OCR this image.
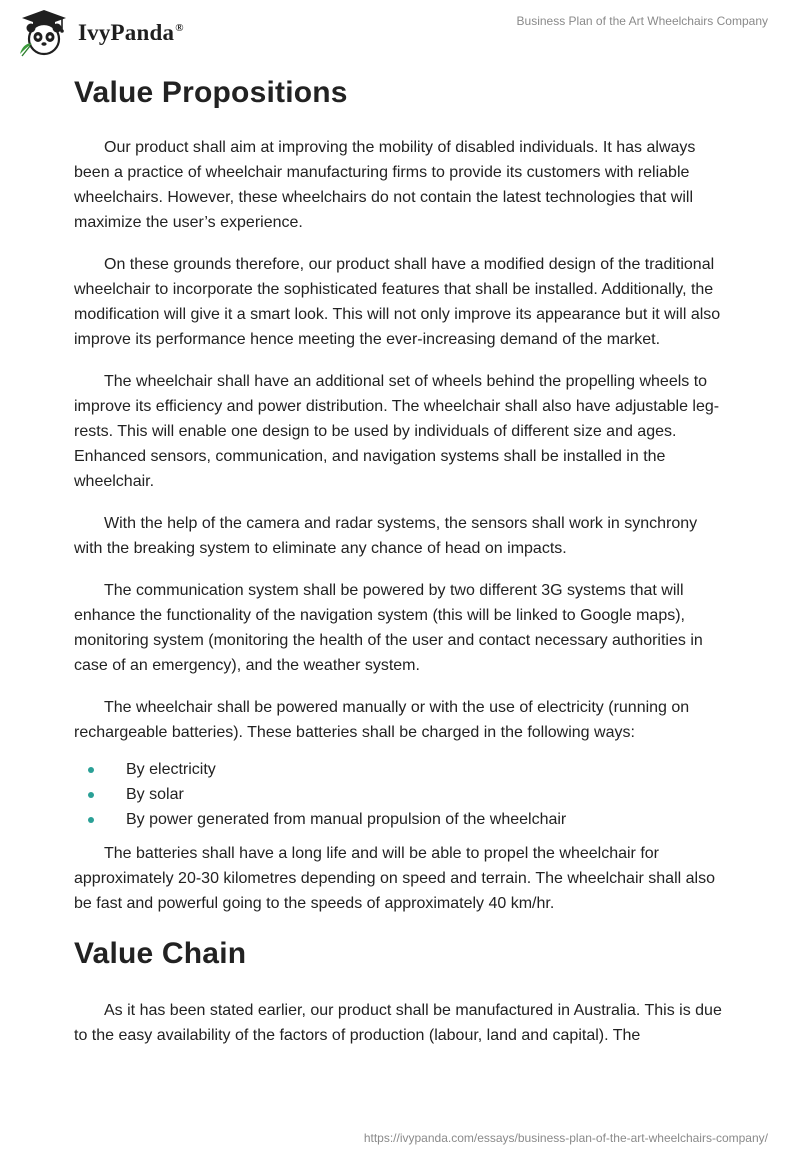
IvyPanda®
Business Plan of the Art Wheelchairs Company
Value Propositions

Our product shall aim at improving the mobility of disabled individuals. It has always been a practice of wheelchair manufacturing firms to provide its customers with reliable wheelchairs. However, these wheelchairs do not contain the latest technologies that will maximize the user’s experience.

On these grounds therefore, our product shall have a modified design of the traditional wheelchair to incorporate the sophisticated features that shall be installed. Additionally, the modification will give it a smart look. This will not only improve its appearance but it will also improve its performance hence meeting the ever-increasing demand of the market.

The wheelchair shall have an additional set of wheels behind the propelling wheels to improve its efficiency and power distribution. The wheelchair shall also have adjustable leg-rests. This will enable one design to be used by individuals of different size and ages. Enhanced sensors, communication, and navigation systems shall be installed in the wheelchair.

With the help of the camera and radar systems, the sensors shall work in synchrony with the breaking system to eliminate any chance of head on impacts.

The communication system shall be powered by two different 3G systems that will enhance the functionality of the navigation system (this will be linked to Google maps), monitoring system (monitoring the health of the user and contact necessary authorities in case of an emergency), and the weather system.

The wheelchair shall be powered manually or with the use of electricity (running on rechargeable batteries). These batteries shall be charged in the following ways:

By electricity
By solar
By power generated from manual propulsion of the wheelchair

The batteries shall have a long life and will be able to propel the wheelchair for approximately 20-30 kilometres depending on speed and terrain. The wheelchair shall also be fast and powerful going to the speeds of approximately 40 km/hr.

Value Chain

As it has been stated earlier, our product shall be manufactured in Australia. This is due to the easy availability of the factors of production (labour, land and capital). The

https://ivypanda.com/essays/business-plan-of-the-art-wheelchairs-company/
